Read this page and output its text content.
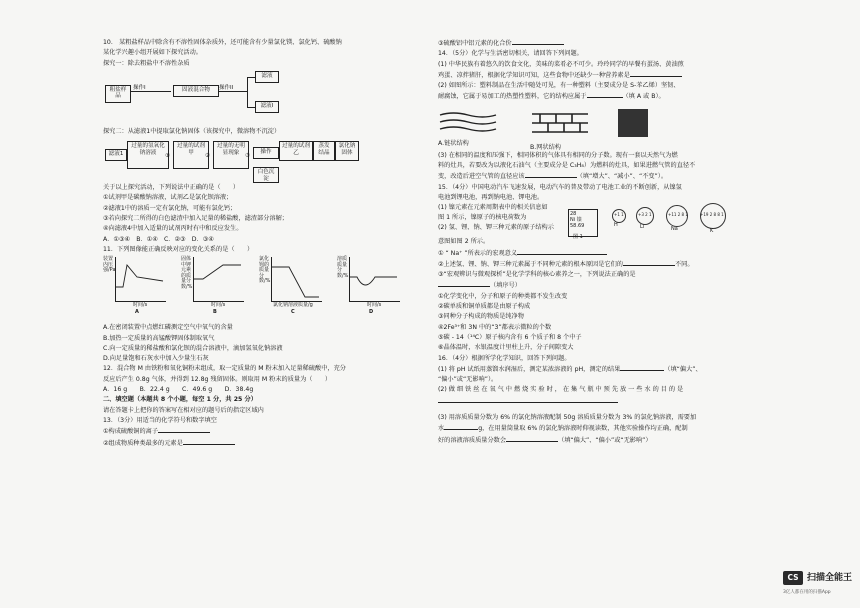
10.　某粗盐样品中除含有不溶性固体杂质外，还可能含有少量氯化镁、氯化钙、硫酸钠
某化学兴趣小组开展如下探究活动。
探究一：除去粗盐中不溶性杂质
粗盐样品
操作I	固液混合物	操作II
滤液
滤液I
探究二：从滤液1中提取氯化钠固体（该探究中，微溶物不沉淀）
滤液1
过量的氢氧化钠溶液
①
过量的试剂甲
②
过量的无明显现象
③
操作
白色沉淀
过量的试剂乙
蒸发结晶
氯化钠固体
关于以上探究活动，下列说法中正确的是（　　）
①试剂甲是碳酸钠溶液，试剂乙是氯化钡溶液；
②滤液1中的溶质一定有氯化钠，可能有氯化钙；
③若向探究二所得的白色滤渣中加入足量的稀盐酸，滤渣部分溶解；
④向滤液4中加入适量的试剂丙时有中和反应发生。
A．①③④　B．①④　C．②③　D．③④
11．下列图像能正确反映对应的变化关系的是（　　）
装置内压强/Pa
时间/s
A
固体中钾元素的质量分数/%
时间/s
B
氯化钡的质量分数/%
氯化钠溶液质量/g
C
溶质质量分数/%
时间/s
D
A.在密闭装置中点燃红磷测定空气中氧气的含量
B.加热一定质量的高锰酸钾固体制取氧气
C.向一定质量的稀盐酸和氯化钡的混合溶液中，滴加氢氧化钠溶液
D.向足量饱和石灰水中加入少量生石灰
12．混合物 M 由铁粉和氧化铜粉末组成，取一定质量的 M 粉末加入足量稀硫酸中，充分
反应后产生 0.8g 气体，并得到 12.8g 残留固体。则取用 M 粉末的质量为（　　）
A．16 g　　B．22.4 g　　C．49.6 g　　D．38.4g
二、填空题（本题共 8 个小题，每空 1 分，共 25 分）
请在答题卡上把你的答案写在相对应的题号后的指定区域内
13．（3分）用适当的化学符号和数字填空
①构成硫酸铜的离子
②组成物质种类最多的元素是
③硫酸铝中铝元素的化合价
14．（5分）化学与生活密切相关，请回答下列问题。
(1) 中华民族有着悠久的饮食文化，美味的菜肴必不可少。玲玲同学的早餐有蛋汤、黄油煎
鸡蛋、凉拌猪肝，根据化学知识可知，这些食物中还缺少一种营养素是
(2) 如图所示：塑料制品在生活中随处可见，有一种塑料（主要成分是 S-苯乙烯）坚韧、
耐腐蚀，它属于易加工的热塑性塑料，它的结构应属于	（填 A 或 B）。
A.链状结构
B.网状结构
(3) 在相同的温度和压强下，相同体积的气体具有相同的分子数。现有一套以天然气为燃
料的灶具，若要改为以液化石油气（主要成分是 C₃H₈）为燃料的灶具，如果进燃气管的直径不
变，改造后进空气管的直径应该	（填“增大”、“减小”、“不变”）。
15．（4分）中国电动汽车飞速发展，电动汽车的普及带动了电池工业的不断创新，从镍氢
电池到锂电池，再到钠电池、钾电池。
(1) 镍元素在元素周期表中的相关信息如
图 1 所示，镍原子的核电荷数为
(2) 氢、锂、钠、钾三种元素的原子结构示
28
Ni 镍
58.69
图 1
H	Li	Na	K
+1 1	+3 2 1	+11 2 8 1	+19 2 8 8 1
意图如图 2 所示。
① “ Na⁺ ”所表示的宏观意义
②上述氢、锂、钠、钾三种元素属于不同种元素的根本原因是它们的	不同。
③“宏观辨识与微观探析”是化学学科的核心素养之一，下列说法正确的是
（填序号）
①化学变化中，分子和原子的种类都不发生改变
②碳单质和铜单质都是由原子构成
③同种分子构成的物质是纯净物
④2Fe³⁺和 3N 中的“3”都表示微粒的个数
⑤碳 - 14（¹⁴C）原子核内含有 6 个质子和 8 个中子
⑥晶体温时，水银温度计里柱上升，分子间隙变大
16．（4分）根据所学化学知识，回答下列问题。
(1) 将 pH 试纸用蒸馏水润湿后，测定某浓溶液的 pH，测定的结果	（填“偏大”、
“偏小”或“无影响”）。
(2) 做 细 铁 丝 在 氧 气 中 燃 烧 实 验 时 ， 在 集 气 瓶 中 预 先 放 一 些 水 的 目 的 是
(3) 用溶质质量分数为 6% 的氯化钠溶液配制 50g 溶质质量分数为 3% 的氯化钠溶液，需要加
水	g，在用量筒量取 6% 的氯化钠溶液时仰视读数，其他实验操作均正确，配制
好的溶液溶质质量分数会	（填“偏大”、“偏小”或“无影响”）
CS 扫描全能王
3亿人都在用的扫描App
